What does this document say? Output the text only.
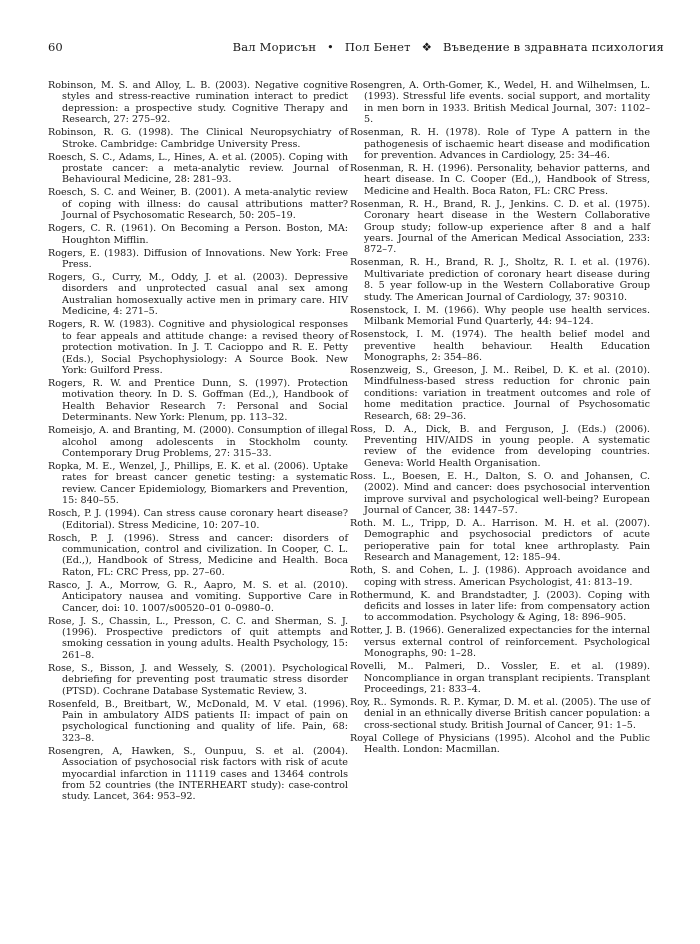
60	Вал Морисън • Пол Бенет ❖ Въведение в здравната психология

Robinson, M. S. and Alloy, L. B. (2003). Negative cognitive styles and stress-reactive rumination interact to predict depression: a prospective study. Cognitive Therapy and Research, 27: 275–92.

Robinson, R. G. (1998). The Clinical Neuropsychiatry of Stroke. Cambridge: Cambridge University Press.

Roesch, S. C., Adams, L., Hines, A. et al. (2005). Coping with prostate cancer: a meta-analytic review. Journal of Behavioural Medicine, 28: 281–93.

Roesch, S. C. and Weiner, B. (2001). A meta-analytic review of coping with illness: do causal attributions matter? Journal of Psychosomatic Research, 50: 205–19.

Rogers, C. R. (1961). On Becoming a Person. Boston, MA: Houghton Mifflin.

Rogers, E. (1983). Diffusion of Innovations. New York: Free Press.

Rogers, G., Curry, M., Oddy, J. et al. (2003). Depressive disorders and unprotected casual anal sex among Australian homosexually active men in primary care. HIV Medicine, 4: 271–5.

Rogers, R. W. (1983). Cognitive and physiological responses to fear appeals and attitude change: a revised theory of protection motivation. In J. T. Cacioppo and R. E. Petty (Eds.), Social Psychophysiology: A Source Book. New York: Guilford Press.

Rogers, R. W. and Prentice Dunn, S. (1997). Protection motivation theory. In D. S. Goffman (Ed.,), Handbook of Health Behavior Research 7: Personal and Social Determinants. New York: Plenum, pp. 113–32.

Romeisjo, A. and Branting, M. (2000). Consumption of illegal alcohol among adolescents in Stockholm county. Contemporary Drug Problems, 27: 315–33.

Ropka, M. E., Wenzel, J., Phillips, E. K. et al. (2006). Uptake rates for breast cancer genetic testing: a systematic review. Cancer Epidemiology, Biomarkers and Prevention, 15: 840–55.

Rosch, P. J. (1994). Can stress cause coronary heart disease? (Editorial). Stress Medicine, 10: 207–10.

Rosch, P. J. (1996). Stress and cancer: disorders of communication, control and civilization. In Cooper, C. L. (Ed.,), Handbook of Stress, Medicine and Health. Boca Raton, FL: CRC Press, pp. 27–60.

Rasco, J. A., Morrow, G. R., Aapro, M. S. et al. (2010). Anticipatory nausea and vomiting. Supportive Care in Cancer, doi: 10. 1007/s00520–01 0–0980–0.

Rose, J. S., Chassin, L., Presson, C. C. and Sherman, S. J. (1996). Prospective predictors of quit attempts and smoking cessation in young adults. Health Psychology, 15: 261–8.

Rose, S., Bisson, J. and Wessely, S. (2001). Psychological debriefing for preventing post traumatic stress disorder (PTSD). Cochrane Database Systematic Review, 3.

Rosenfeld, B., Breitbart, W., McDonald, M. V etal. (1996). Pain in ambulatory AIDS patients II: impact of pain on psychological functioning and quality of life. Pain, 68: 323–8.

Rosengren, A, Hawken, S., Ounpuu, S. et al. (2004). Association of psychosocial risk factors with risk of acute myocardial infarction in 11119 cases and 13464 controls from 52 countries (the INTERHEART study): case-control study. Lancet, 364: 953–92.

Rosengren, A. Orth-Gomer, K., Wedel, H. and Wilhelmsen, L. (1993). Stressful life events. social support, and mortality in men born in 1933. British Medical Journal, 307: 1102–5.

Rosenman, R. H. (1978). Role of Type A pattern in the pathogenesis of ischaemic heart disease and modification for prevention. Advances in Cardiology, 25: 34–46.

Rosenman, R. H. (1996). Personality, behavior patterns, and heart disease. In C. Cooper (Ed.,), Handbook of Stress, Medicine and Health. Boca Raton, FL: CRC Press.

Rosenman, R. H., Brand, R. J., Jenkins. C. D. et al. (1975). Coronary heart disease in the Western Collaborative Group study; follow-up experience after 8 and a half years. Journal of the American Medical Association, 233: 872–7.

Rosenman, R. H., Brand, R. J., Sholtz, R. I. et al. (1976). Multivariate prediction of coronary heart disease during 8. 5 year follow-up in the Western Collaborative Group study. The American Journal of Cardiology, 37: 90310.

Rosenstock, I. M. (1966). Why people use health services. Milbank Memorial Fund Quarterly, 44: 94–124.

Rosenstock, I. M. (1974). The health belief model and preventive health behaviour. Health Education Monographs, 2: 354–86.

Rosenzweig, S., Greeson, J. M.. Reibel, D. K. et al. (2010). Mindfulness-based stress reduction for chronic pain conditions: variation in treatment outcomes and role of home meditation practice. Journal of Psychosomatic Research, 68: 29–36.

Ross, D. A., Dick, B. and Ferguson, J. (Eds.) (2006). Preventing HIV/AIDS in young people. A systematic review of the evidence from developing countries. Geneva: World Health Organisation.

Ross. L., Boesen, E. H., Dalton, S. O. and Johansen, C. (2002). Mind and cancer: does psychosocial intervention improve survival and psychological well-being? European Journal of Cancer, 38: 1447–57.

Roth. M. L., Tripp, D. A.. Harrison. M. H. et al. (2007). Demographic and psychosocial predictors of acute perioperative pain for total knee arthroplasty. Pain Research and Management, 12: 185–94.

Roth, S. and Cohen, L. J. (1986). Approach avoidance and coping with stress. American Psychologist, 41: 813–19.

Rothermund, K. and Brandstadter, J. (2003). Coping with deficits and losses in later life: from compensatory action to accommodation. Psychology & Aging, 18: 896–905.

Rotter, J. B. (1966). Generalized expectancies for the internal versus external control of reinforcement. Psychological Monographs, 90: 1–28.

Rovelli, M.. Palmeri, D.. Vossler, E. et al. (1989). Noncompliance in organ transplant recipients. Transplant Proceedings, 21: 833–4.

Roy, R.. Symonds. R. P.. Kymar, D. M. et al. (2005). The use of denial in an ethnically diverse British cancer population: a cross-sectional study. British Journal of Cancer, 91: 1–5.

Royal College of Physicians (1995). Alcohol and the Public Health. London: Macmillan.
